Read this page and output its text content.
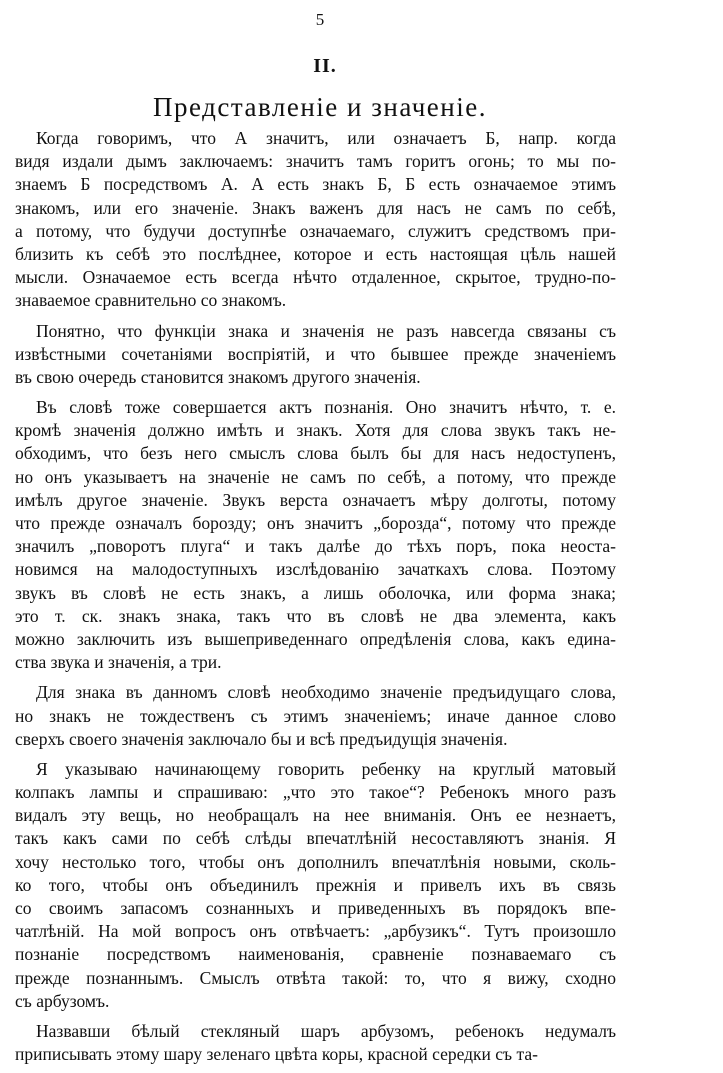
5
II.
Представленіе и значеніе.
Когда говоримъ, что А значитъ, или означаетъ Б, напр. когда
видя издали дымъ заключаемъ: значитъ тамъ горитъ огонь; то мы по-
знаемъ Б посредствомъ А. А есть знакъ Б, Б есть означаемое этимъ
знакомъ, или его значеніе. Знакъ важенъ для насъ не самъ по себѣ,
а потому, что будучи доступнѣе означаемаго, служитъ средствомъ при-
близить къ себѣ это послѣднее, которое и есть настоящая цѣль нашей
мысли. Означаемое есть всегда нѣчто отдаленное, скрытое, трудно-по-
знаваемое сравнительно со знакомъ.
Понятно, что функціи знака и значенія не разъ навсегда связаны съ
извѣстными сочетаніями воспріятій, и что бывшее прежде значеніемъ
въ свою очередь становится знакомъ другого значенія.
Въ словѣ тоже совершается актъ познанія. Оно значитъ нѣчто, т. е.
кромѣ значенія должно имѣть и знакъ. Хотя для слова звукъ такъ не-
обходимъ, что безъ него смыслъ слова былъ бы для насъ недоступенъ,
но онъ указываетъ на значеніе не самъ по себѣ, а потому, что прежде
имѣлъ другое значеніе. Звукъ верста означаетъ мѣру долготы, потому
что прежде означалъ борозду; онъ значитъ „борозда“, потому что прежде
значилъ „поворотъ плуга“ и такъ далѣе до тѣхъ поръ, пока неоста-
новимся на малодоступныхъ изслѣдованію зачаткахъ слова. Поэтому
звукъ въ словѣ не есть знакъ, а лишь оболочка, или форма знака;
это т. ск. знакъ знака, такъ что въ словѣ не два элемента, какъ
можно заключить изъ вышеприведеннаго опредѣленія слова, какъ едина-
ства звука и значенія, а три.
Для знака въ данномъ словѣ необходимо значеніе предъидущаго слова,
но знакъ не тождественъ съ этимъ значеніемъ; иначе данное слово
сверхъ своего значенія заключало бы и всѣ предъидущія значенія.
Я указываю начинающему говорить ребенку на круглый матовый
колпакъ лампы и спрашиваю: „что это такое“? Ребенокъ много разъ
видалъ эту вещь, но необращалъ на нее вниманія. Онъ ее незнаетъ,
такъ какъ сами по себѣ слѣды впечатлѣній несоставляютъ знанія. Я
хочу нестолько того, чтобы онъ дополнилъ впечатлѣнія новыми, сколь-
ко того, чтобы онъ объединилъ прежнія и привелъ ихъ въ связь
со своимъ запасомъ сознанныхъ и приведенныхъ въ порядокъ впе-
чатлѣній. На мой вопросъ онъ отвѣчаетъ: „арбузикъ“. Тутъ произошло
познаніе посредствомъ наименованія, сравненіе познаваемаго съ
прежде познаннымъ. Смыслъ отвѣта такой: то, что я вижу, сходно
съ арбузомъ.
Назвавши бѣлый стекляный шаръ арбузомъ, ребенокъ недумалъ
приписывать этому шару зеленаго цвѣта коры, красной середки съ та-
